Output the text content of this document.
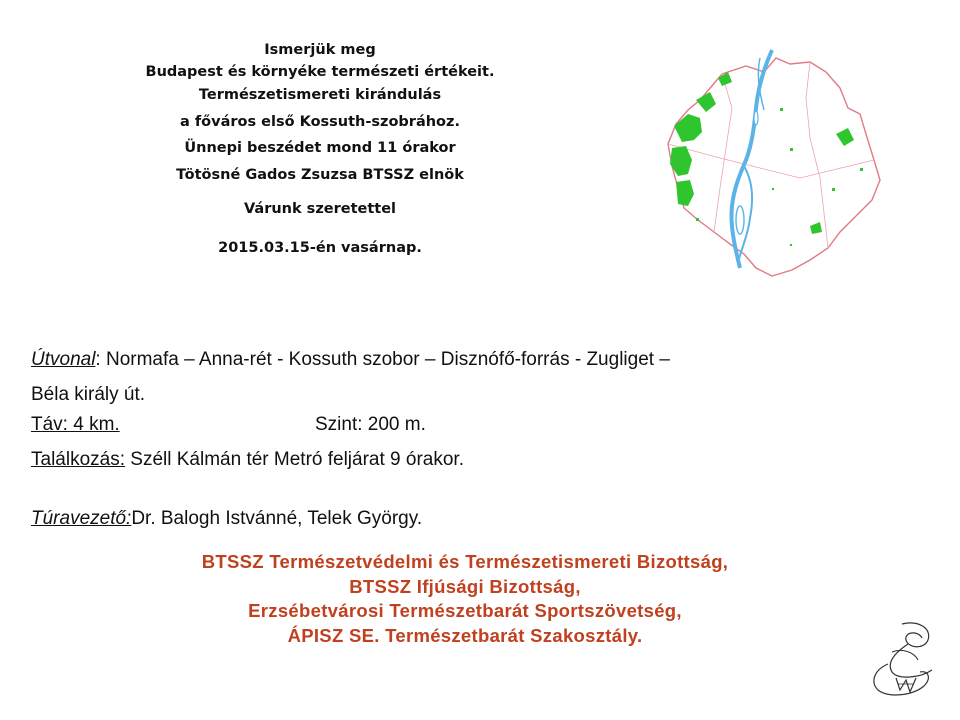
Ismerjük meg
Budapest és környéke természeti értékeit.
Természetismereti kirándulás
a főváros első Kossuth-szobrához.
Ünnepi beszédet mond 11 órakor
Tötösné Gados Zsuzsa BTSSZ elnök
Várunk szeretettel
2015.03.15-én vasárnap.
Útvonal: Normafa – Anna-rét - Kossuth szobor – Disznófő-forrás - Zugliget –
Béla király út.
Táv: 4 km.	Szint: 200 m.
Találkozás: Széll Kálmán tér Metró feljárat 9 órakor.
Túravezető:Dr. Balogh Istvánné, Telek György.
BTSSZ Természetvédelmi és Természetismereti Bizottság,
BTSSZ Ifjúsági Bizottság,
Erzsébetvárosi Természetbarát Sportszövetség,
ÁPISZ SE. Természetbarát Szakosztály.
